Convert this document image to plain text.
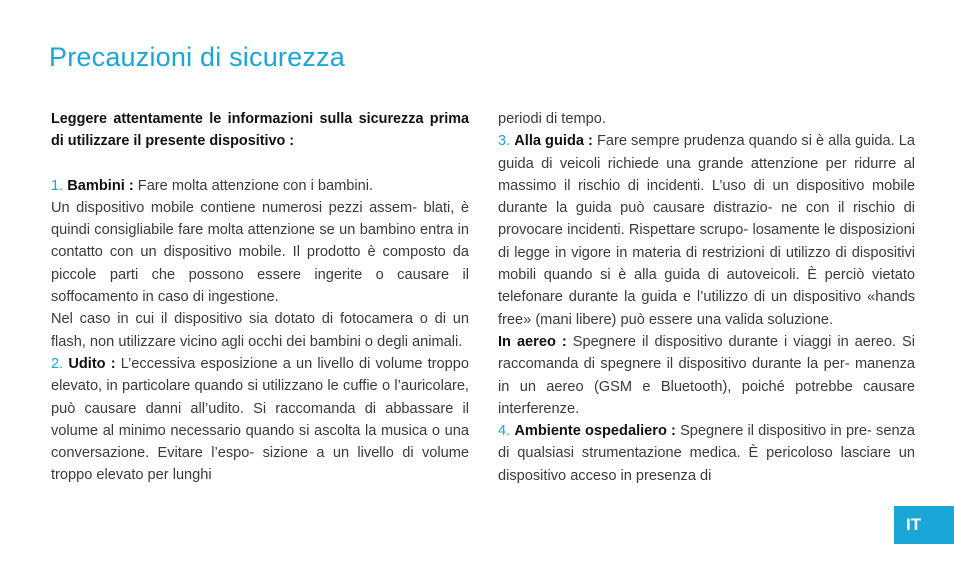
Precauzioni di sicurezza

Leggere attentamente le informazioni sulla sicurezza prima di utilizzare il presente dispositivo :

1. Bambini : Fare molta attenzione con i bambini.

Un dispositivo mobile contiene numerosi pezzi assem- blati, è quindi consigliabile fare molta attenzione se un bambino entra in contatto con un dispositivo mobile. Il prodotto è composto da piccole parti che possono essere ingerite o causare il soffocamento in caso di ingestione.

Nel caso in cui il dispositivo sia dotato di fotocamera o di un flash, non utilizzare vicino agli occhi dei bambini o degli animali.

2. Udito : L’eccessiva esposizione a un livello di volume troppo elevato, in particolare quando si utilizzano le cuffie o l’auricolare, può causare danni all’udito. Si raccomanda di abbassare il volume al minimo necessario quando si ascolta la musica o una conversazione. Evitare l’espo- sizione a un livello di volume troppo elevato per lunghi

periodi di tempo.

3. Alla guida : Fare sempre prudenza quando si è alla guida. La guida di veicoli richiede una grande attenzione per ridurre al massimo il rischio di incidenti. L’uso di un dispositivo mobile durante la guida può causare distrazio- ne con il rischio di provocare incidenti. Rispettare scrupo- losamente le disposizioni di legge in vigore in materia di restrizioni di utilizzo di dispositivi mobili quando si è alla guida di autoveicoli. È perciò vietato telefonare durante la guida e l’utilizzo di un dispositivo «hands free» (mani libere) può essere una valida soluzione.

In aereo : Spegnere il dispositivo durante i viaggi in aereo. Si raccomanda di spegnere il dispositivo durante la per- manenza in un aereo (GSM e Bluetooth), poiché potrebbe causare interferenze.

4. Ambiente ospedaliero : Spegnere il dispositivo in pre- senza di qualsiasi strumentazione medica. È pericoloso lasciare un dispositivo acceso in presenza di

IT
